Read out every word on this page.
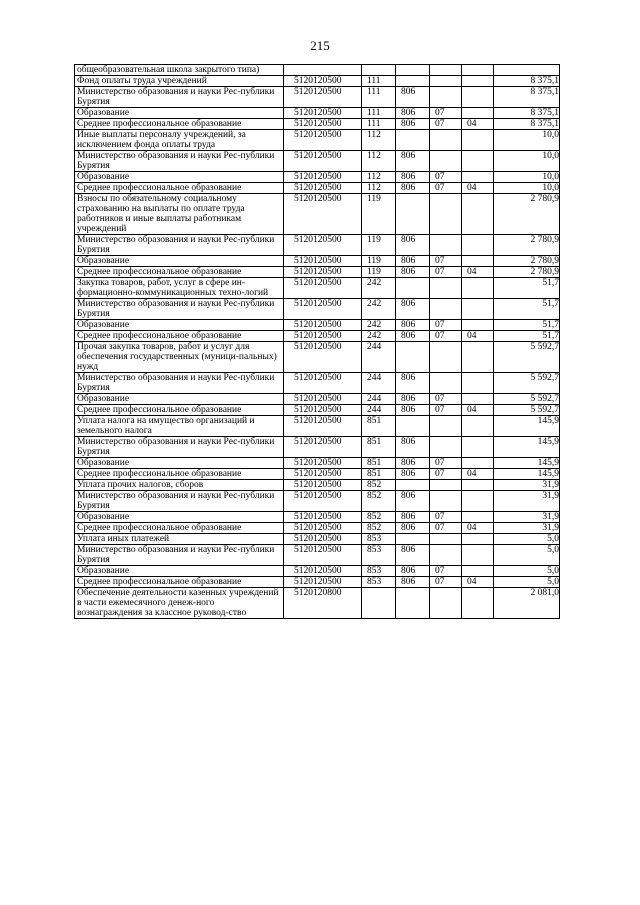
215
общеобразовательная школа закрытого типа)						
Фонд оплаты труда учреждений	5120120500	111				8 375,1
Министерство образования и науки Рес-публики Бурятия	5120120500	111	806			8 375,1
Образование	5120120500	111	806	07		8 375,1
Среднее профессиональное образование	5120120500	111	806	07	04	8 375,1
Иные выплаты персоналу учреждений, за исключением фонда оплаты труда	5120120500	112				10,0
Министерство образования и науки Рес-публики Бурятия	5120120500	112	806			10,0
Образование	5120120500	112	806	07		10,0
Среднее профессиональное образование	5120120500	112	806	07	04	10,0
Взносы по обязательному социальному страхованию на выплаты по оплате труда работников и иные выплаты работникам учреждений	5120120500	119				2 780,9
Министерство образования и науки Рес-публики Бурятия	5120120500	119	806			2 780,9
Образование	5120120500	119	806	07		2 780,9
Среднее профессиональное образование	5120120500	119	806	07	04	2 780,9
Закупка товаров, работ, услуг в сфере ин-формационно-коммуникационных техно-логий	5120120500	242				51,7
Министерство образования и науки Рес-публики Бурятия	5120120500	242	806			51,7
Образование	5120120500	242	806	07		51,7
Среднее профессиональное образование	5120120500	242	806	07	04	51,7
Прочая закупка товаров, работ и услуг для обеспечения государственных (муници-пальных) нужд	5120120500	244				5 592,7
Министерство образования и науки Рес-публики Бурятия	5120120500	244	806			5 592,7
Образование	5120120500	244	806	07		5 592,7
Среднее профессиональное образование	5120120500	244	806	07	04	5 592,7
Уплата налога на имущество организаций и земельного налога	5120120500	851				145,9
Министерство образования и науки Рес-публики Бурятия	5120120500	851	806			145,9
Образование	5120120500	851	806	07		145,9
Среднее профессиональное образование	5120120500	851	806	07	04	145,9
Уплата прочих налогов, сборов	5120120500	852				31,9
Министерство образования и науки Рес-публики Бурятия	5120120500	852	806			31,9
Образование	5120120500	852	806	07		31,9
Среднее профессиональное образование	5120120500	852	806	07	04	31,9
Уплата иных платежей	5120120500	853				5,0
Министерство образования и науки Рес-публики Бурятия	5120120500	853	806			5,0
Образование	5120120500	853	806	07		5,0
Среднее профессиональное образование	5120120500	853	806	07	04	5,0
Обеспечение деятельности казенных учреждений в части ежемесячного денеж-ного вознаграждения за классное руковод-ство	5120120800					2 081,0
